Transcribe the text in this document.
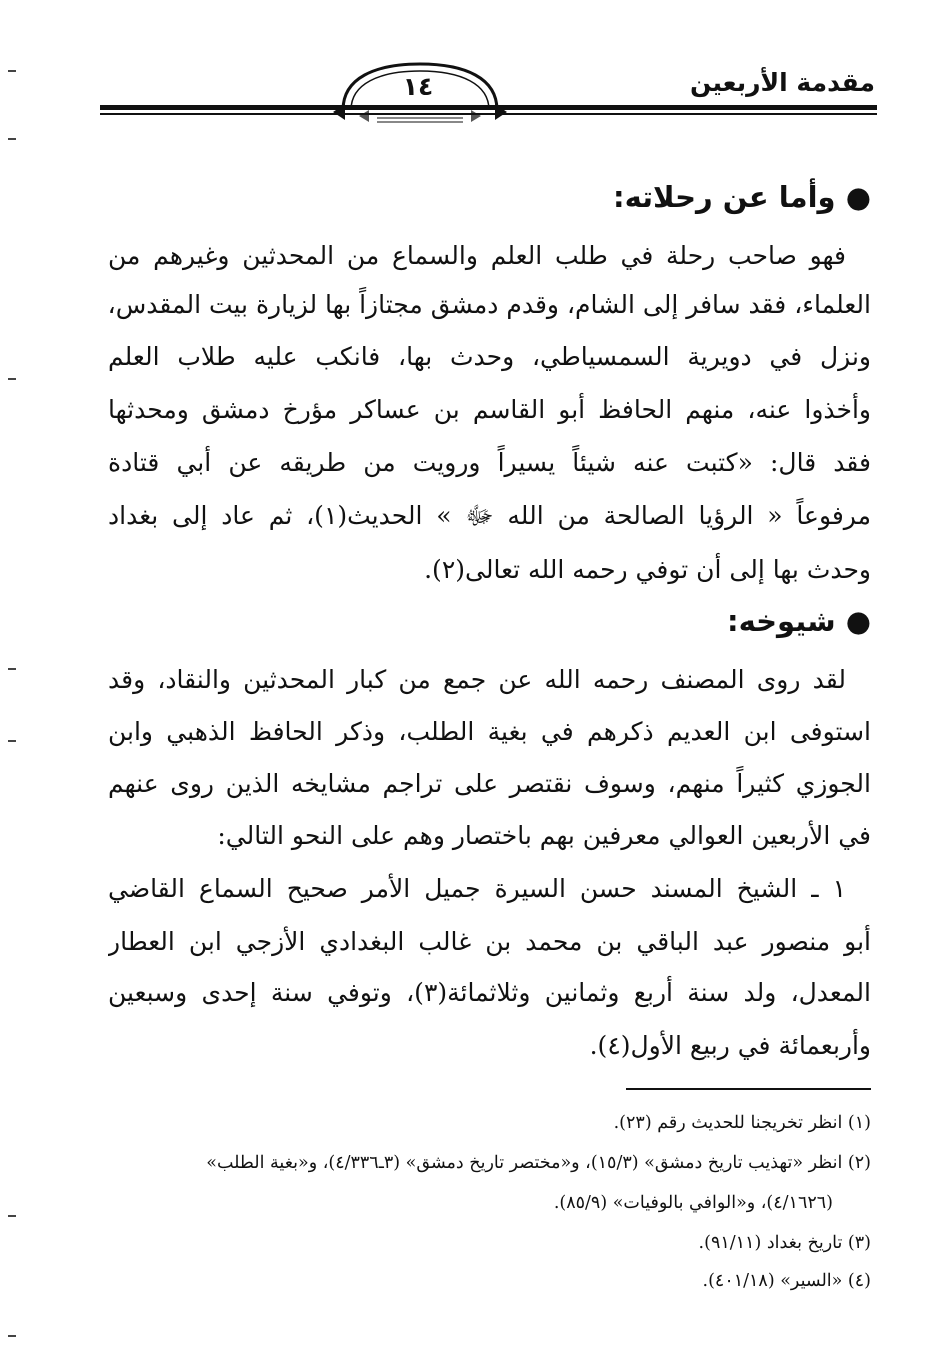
١٤	مقدمة الأربعين
● وأما عن رحلاته:
فهو صاحب رحلة في طلب العلم والسماع من المحدثين وغيرهم من
العلماء، فقد سافر إلى الشام، وقدم دمشق مجتازاً بها لزيارة بيت المقدس،
ونزل في دويرية السمسياطي، وحدث بها، فانكب عليه طلاب العلم
وأخذوا عنه، منهم الحافظ أبو القاسم بن عساكر مؤرخ دمشق ومحدثها
فقد قال: «كتبت عنه شيئاً يسيراً ورويت من طريقه عن أبي قتادة
مرفوعاً « الرؤيا الصالحة من الله ﷻ » الحديث(١)، ثم عاد إلى بغداد
وحدث بها إلى أن توفي رحمه الله تعالى(٢).
● شيوخه:
لقد روى المصنف رحمه الله عن جمع من كبار المحدثين والنقاد، وقد
استوفى ابن العديم ذكرهم في بغية الطلب، وذكر الحافظ الذهبي وابن
الجوزي كثيراً منهم، وسوف نقتصر على تراجم مشايخه الذين روى عنهم
في الأربعين العوالي معرفين بهم باختصار وهم على النحو التالي:
١ ـ الشيخ المسند حسن السيرة جميل الأمر صحيح السماع القاضي
أبو منصور عبد الباقي بن محمد بن غالب البغدادي الأزجي ابن العطار
المعدل، ولد سنة أربع وثمانين وثلاثمائة(٣)، وتوفي سنة إحدى وسبعين
وأربعمائة في ربيع الأول(٤).
(١) انظر تخريجنا للحديث رقم (٢٣).
(٢) انظر «تهذيب تاريخ دمشق» (١٥/٣)، و«مختصر تاريخ دمشق» (٣ـ٤/٣٣٦)، و«بغية الطلب»
(٤/١٦٢٦)، و«الوافي بالوفيات» (٨٥/٩).
(٣) تاريخ بغداد (٩١/١١).
(٤) «السير» (٤٠١/١٨).
